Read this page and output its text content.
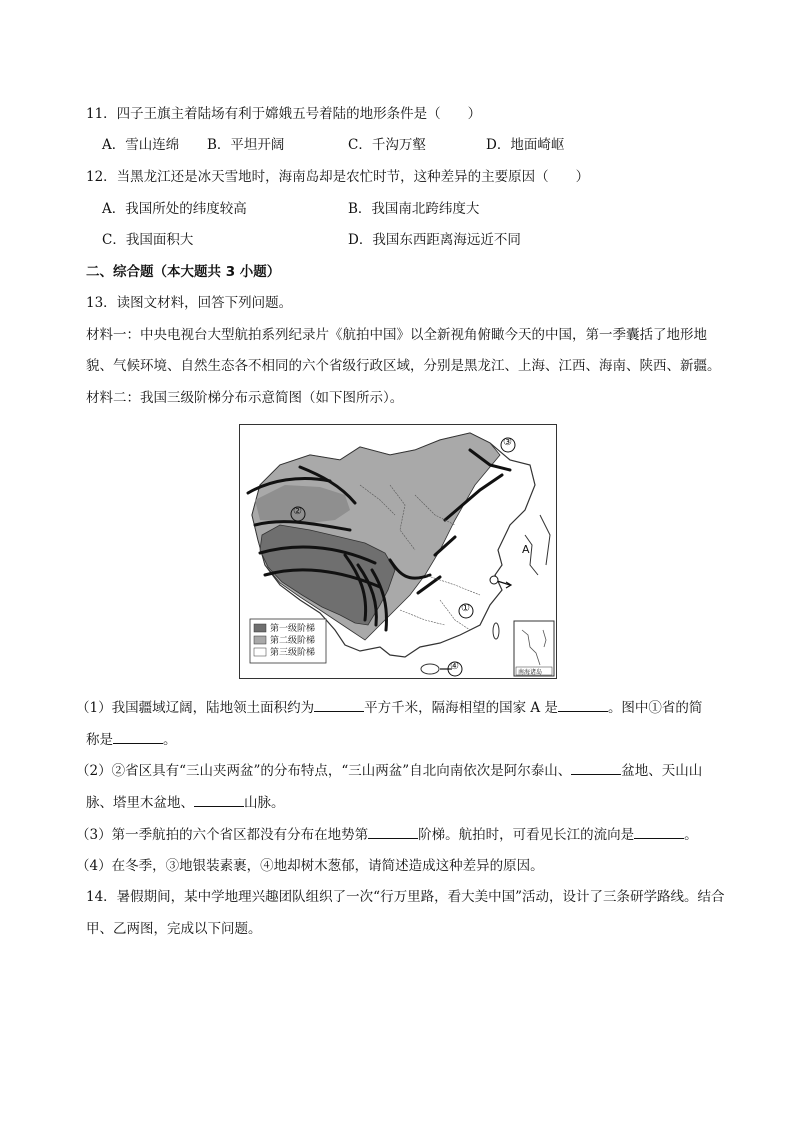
11．四子王旗主着陆场有利于嫦娥五号着陆的地形条件是（　　）
A．雪山连绵 B．平坦开阔	C．千沟万壑	D．地面崎岖
12．当黑龙江还是冰天雪地时，海南岛却是农忙时节，这种差异的主要原因（　　）
A．我国所处的纬度较高	B．我国南北跨纬度大
C．我国面积大	D．我国东西距离海远近不同
二、综合题（本大题共 3 小题）
13．读图文材料，回答下列问题。
材料一：中央电视台大型航拍系列纪录片《航拍中国》以全新视角俯瞰今天的中国，第一季囊括了地形地
貌、气候环境、自然生态各不相同的六个省级行政区域，分别是黑龙江、上海、江西、海南、陕西、新疆。
材料二：我国三级阶梯分布示意简图（如下图所示）。
第一级阶梯
第二级阶梯
第三级阶梯
②
①
③
④
A
南海诸岛
（1）我国疆域辽阔，陆地领土面积约为	平方千米，隔海相望的国家 A 是	。图中①省的简
称是	。
（2）②省区具有“三山夹两盆”的分布特点，“三山两盆”自北向南依次是阿尔泰山、	盆地、天山山
脉、塔里木盆地、	山脉。
（3）第一季航拍的六个省区都没有分布在地势第	阶梯。航拍时，可看见长江的流向是	。
（4）在冬季，③地银装素裹，④地却树木葱郁，请简述造成这种差异的原因。
14．暑假期间，某中学地理兴趣团队组织了一次“行万里路，看大美中国”活动，设计了三条研学路线。结合
甲、乙两图，完成以下问题。
